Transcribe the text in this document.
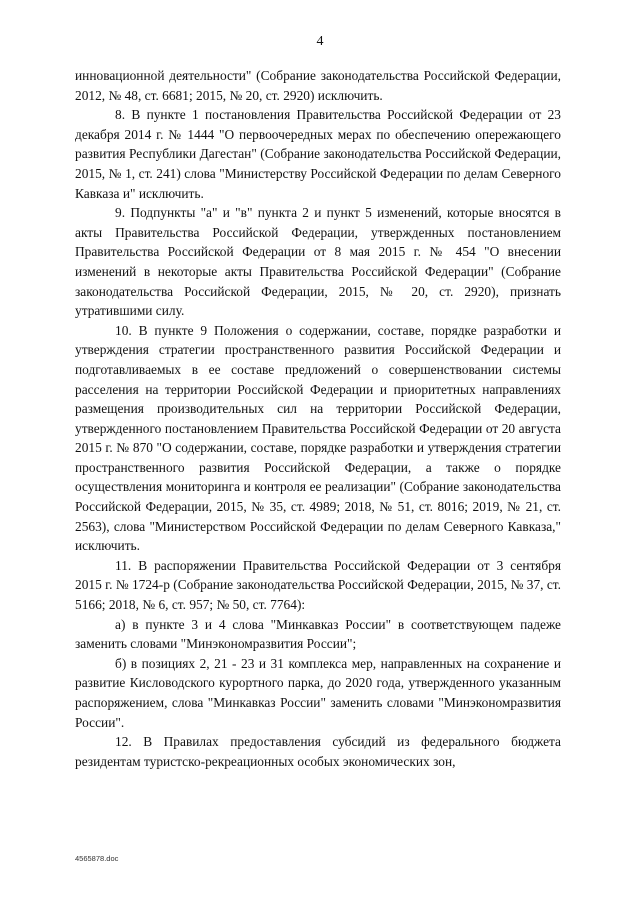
4

инновационной деятельности" (Собрание законодательства Российской Федерации, 2012, № 48, ст. 6681; 2015, № 20, ст. 2920) исключить.

8. В пункте 1 постановления Правительства Российской Федерации от 23 декабря 2014 г. № 1444 "О первоочередных мерах по обеспечению опережающего развития Республики Дагестан" (Собрание законодательства Российской Федерации, 2015, № 1, ст. 241) слова "Министерству Российской Федерации по делам Северного Кавказа и" исключить.

9. Подпункты "а" и "в" пункта 2 и пункт 5 изменений, которые вносятся в акты Правительства Российской Федерации, утвержденных постановлением Правительства Российской Федерации от 8 мая 2015 г. № 454 "О внесении изменений в некоторые акты Правительства Российской Федерации" (Собрание законодательства Российской Федерации, 2015, № 20, ст. 2920), признать утратившими силу.

10. В пункте 9 Положения о содержании, составе, порядке разработки и утверждения стратегии пространственного развития Российской Федерации и подготавливаемых в ее составе предложений о совершенствовании системы расселения на территории Российской Федерации и приоритетных направлениях размещения производительных сил на территории Российской Федерации, утвержденного постановлением Правительства Российской Федерации от 20 августа 2015 г. № 870 "О содержании, составе, порядке разработки и утверждения стратегии пространственного развития Российской Федерации, а также о порядке осуществления мониторинга и контроля ее реализации" (Собрание законодательства Российской Федерации, 2015, № 35, ст. 4989; 2018, № 51, ст. 8016; 2019, № 21, ст. 2563), слова "Министерством Российской Федерации по делам Северного Кавказа," исключить.

11. В распоряжении Правительства Российской Федерации от 3 сентября 2015 г. № 1724-р (Собрание законодательства Российской Федерации, 2015, № 37, ст. 5166; 2018, № 6, ст. 957; № 50, ст. 7764):

а) в пункте 3 и 4 слова "Минкавказ России" в соответствующем падеже заменить словами "Минэкономразвития России";

б) в позициях 2, 21 - 23 и 31 комплекса мер, направленных на сохранение и развитие Кисловодского курортного парка, до 2020 года, утвержденного указанным распоряжением, слова "Минкавказ России" заменить словами "Минэкономразвития России".

12. В Правилах предоставления субсидий из федерального бюджета резидентам туристско-рекреационных особых экономических зон,

4565878.doc
